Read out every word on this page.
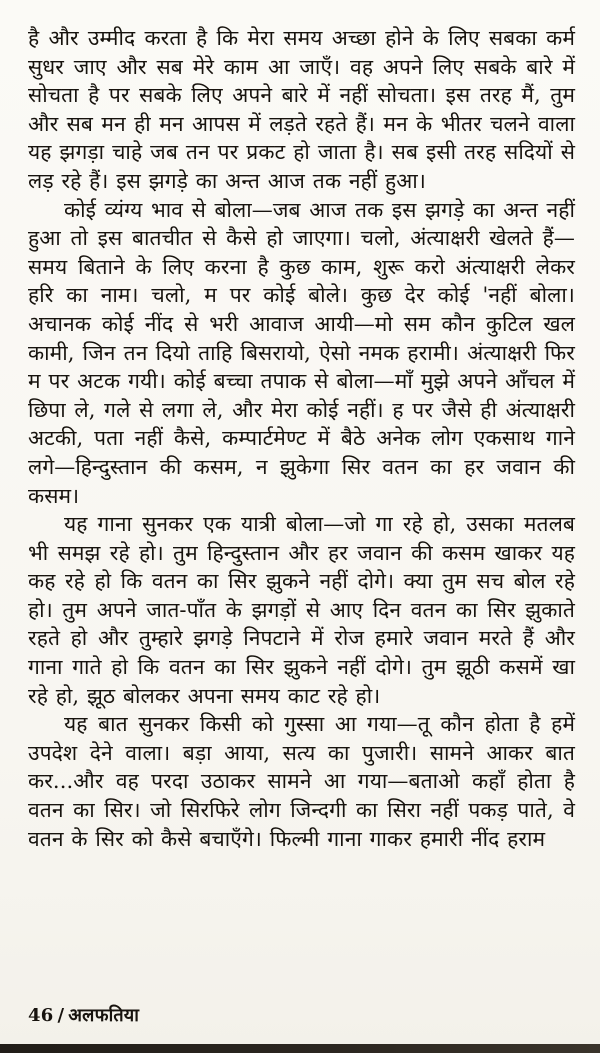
है और उम्मीद करता है कि मेरा समय अच्छा होने के लिए सबका कर्म सुधर जाए और सब मेरे काम आ जाएँ। वह अपने लिए सबके बारे में सोचता है पर सबके लिए अपने बारे में नहीं सोचता। इस तरह मैं, तुम और सब मन ही मन आपस में लड़ते रहते हैं। मन के भीतर चलने वाला यह झगड़ा चाहे जब तन पर प्रकट हो जाता है। सब इसी तरह सदियों से लड़ रहे हैं। इस झगड़े का अन्त आज तक नहीं हुआ।

कोई व्यंग्य भाव से बोला—जब आज तक इस झगड़े का अन्त नहीं हुआ तो इस बातचीत से कैसे हो जाएगा। चलो, अंत्याक्षरी खेलते हैं—समय बिताने के लिए करना है कुछ काम, शुरू करो अंत्याक्षरी लेकर हरि का नाम। चलो, म पर कोई बोले। कुछ देर कोई 'नहीं बोला। अचानक कोई नींद से भरी आवाज आयी—मो सम कौन कुटिल खल कामी, जिन तन दियो ताहि बिसरायो, ऐसो नमक हरामी। अंत्याक्षरी फिर म पर अटक गयी। कोई बच्चा तपाक से बोला—माँ मुझे अपने आँचल में छिपा ले, गले से लगा ले, और मेरा कोई नहीं। ह पर जैसे ही अंत्याक्षरी अटकी, पता नहीं कैसे, कम्पार्टमेण्ट में बैठे अनेक लोग एकसाथ गाने लगे—हिन्दुस्तान की कसम, न झुकेगा सिर वतन का हर जवान की कसम।

यह गाना सुनकर एक यात्री बोला—जो गा रहे हो, उसका मतलब भी समझ रहे हो। तुम हिन्दुस्तान और हर जवान की कसम खाकर यह कह रहे हो कि वतन का सिर झुकने नहीं दोगे। क्या तुम सच बोल रहे हो। तुम अपने जात-पाँत के झगड़ों से आए दिन वतन का सिर झुकाते रहते हो और तुम्हारे झगड़े निपटाने में रोज हमारे जवान मरते हैं और गाना गाते हो कि वतन का सिर झुकने नहीं दोगे। तुम झूठी कसमें खा रहे हो, झूठ बोलकर अपना समय काट रहे हो।

यह बात सुनकर किसी को गुस्सा आ गया—तू कौन होता है हमें उपदेश देने वाला। बड़ा आया, सत्य का पुजारी। सामने आकर बात कर...और वह परदा उठाकर सामने आ गया—बताओ कहाँ होता है वतन का सिर। जो सिरफिरे लोग जिन्दगी का सिरा नहीं पकड़ पाते, वे वतन के सिर को कैसे बचाएँगे। फिल्मी गाना गाकर हमारी नींद हराम

46 / अलफतिया
